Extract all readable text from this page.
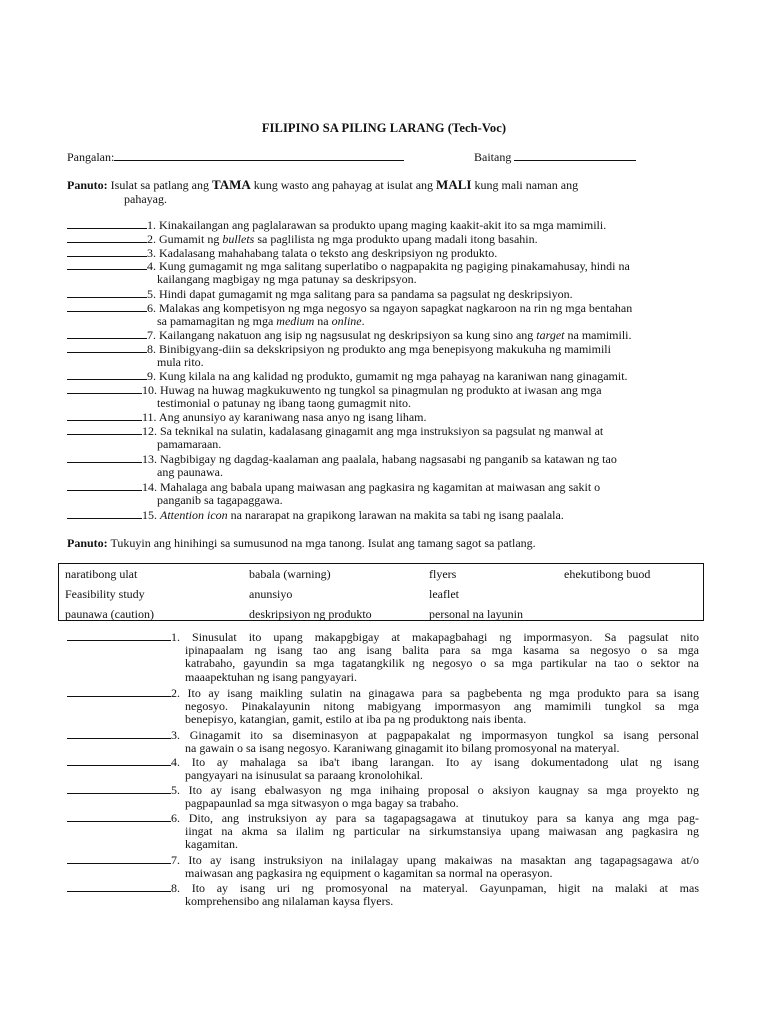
FILIPINO SA PILING LARANG (Tech-Voc)
Pangalan:	Baitang
Panuto: Isulat sa patlang ang TAMA kung wasto ang pahayag at isulat ang MALI kung mali naman ang
pahayag.
1. Kinakailangan ang paglalarawan sa produkto upang maging kaakit-akit ito sa mga mamimili.
2. Gumamit ng bullets sa paglilista ng mga produkto upang madali itong basahin.
3. Kadalasang mahahabang talata o teksto ang deskripsiyon ng produkto.
4. Kung gumagamit ng mga salitang superlatibo o nagpapakita ng pagiging pinakamahusay, hindi na
kailangang magbigay ng mga patunay sa deskripsyon.
5. Hindi dapat gumagamit ng mga salitang para sa pandama sa pagsulat ng deskripsiyon.
6. Malakas ang kompetisyon ng mga negosyo sa ngayon sapagkat nagkaroon na rin ng mga bentahan
sa pamamagitan ng mga medium na online.
7. Kailangang nakatuon ang isip ng nagsusulat ng deskripsiyon sa kung sino ang target na mamimili.
8. Binibigyang-diin sa dekskripsiyon ng produkto ang mga benepisyong makukuha ng mamimili
mula rito.
9. Kung kilala na ang kalidad ng produkto, gumamit ng mga pahayag na karaniwan nang ginagamit.
10. Huwag na huwag magkukuwento ng tungkol sa pinagmulan ng produkto at iwasan ang mga
testimonial o patunay ng ibang taong gumagmit nito.
11. Ang anunsiyo ay karaniwang nasa anyo ng isang liham.
12. Sa teknikal na sulatin, kadalasang ginagamit ang mga instruksiyon sa pagsulat ng manwal at
pamamaraan.
13. Nagbibigay ng dagdag-kaalaman ang paalala, habang nagsasabi ng panganib sa katawan ng tao
ang paunawa.
14. Mahalaga ang babala upang maiwasan ang pagkasira ng kagamitan at maiwasan ang sakit o
panganib sa tagapaggawa.
15. Attention icon na nararapat na grapikong larawan na makita sa tabi ng isang paalala.
Panuto: Tukuyin ang hinihingi sa sumusunod na mga tanong. Isulat ang tamang sagot sa patlang.
naratibong ulat	babala (warning)	flyers	ehekutibong buod
Feasibility study	anunsiyo	leaflet
paunawa (caution)	deskripsiyon ng produkto	personal na layunin
1. Sinusulat ito upang makapgbigay at makapagbahagi ng impormasyon. Sa pagsulat nito
ipinapaalam ng isang tao ang isang balita para sa mga kasama sa negosyo o sa mga
katrabaho, gayundin sa mga tagatangkilik ng negosyo o sa mga partikular na tao o sektor na
maaapektuhan ng isang pangyayari.
2. Ito ay isang maikling sulatin na ginagawa para sa pagbebenta ng mga produkto para sa isang
negosyo. Pinakalayunin nitong mabigyang impormasyon ang mamimili tungkol sa mga
benepisyo, katangian, gamit, estilo at iba pa ng produktong nais ibenta.
3. Ginagamit ito sa diseminasyon at pagpapakalat ng impormasyon tungkol sa isang personal
na gawain o sa isang negosyo. Karaniwang ginagamit ito bilang promosyonal na materyal.
4. Ito ay mahalaga sa iba't ibang larangan. Ito ay isang dokumentadong ulat ng isang
pangyayari na isinusulat sa paraang kronolohikal.
5. Ito ay isang ebalwasyon ng mga inihaing proposal o aksiyon kaugnay sa mga proyekto ng
pagpapaunlad sa mga sitwasyon o mga bagay sa trabaho.
6. Dito, ang instruksiyon ay para sa tagapagsagawa at tinutukoy para sa kanya ang mga pag-
iingat na akma sa ilalim ng particular na sirkumstansiya upang maiwasan ang pagkasira ng
kagamitan.
7. Ito ay isang instruksiyon na inilalagay upang makaiwas na masaktan ang tagapagsagawa at/o
maiwasan ang pagkasira ng equipment o kagamitan sa normal na operasyon.
8. Ito ay isang uri ng promosyonal na materyal. Gayunpaman, higit na malaki at mas
komprehensibo ang nilalaman kaysa flyers.
